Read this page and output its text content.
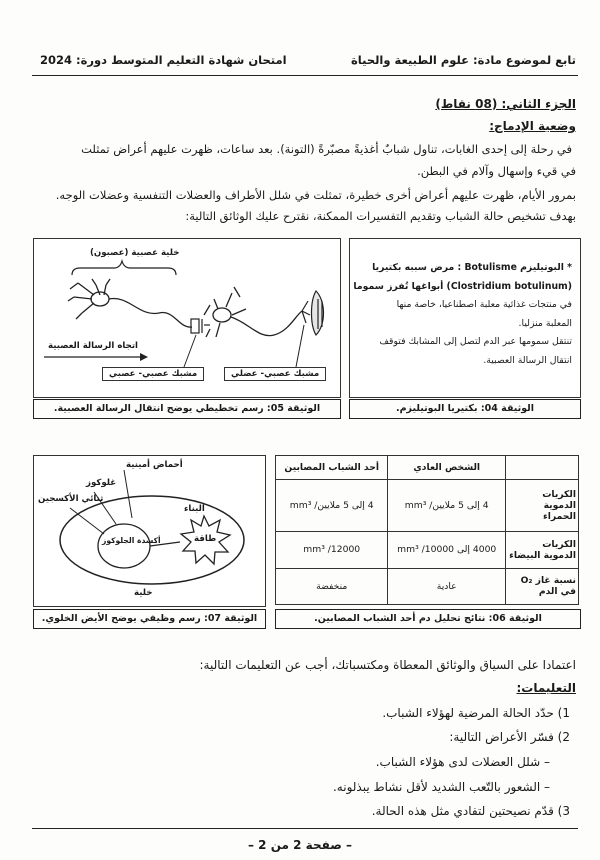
تابع لموضوع مادة: علوم الطبيعة والحياة
امتحان شهادة التعليم المتوسط دورة: 2024
الجزء الثاني: (08 نقاط)
وضعية الإدماج:
في رحلة إلى إحدى الغابات، تناول شبابٌ أغذيةً مصبّرةً (التونة). بعد ساعات، ظهرت عليهم أعراض تمثلت
في قيء وإسهال وآلام في البطن.
بمرور الأيام، ظهرت عليهم أعراض أخرى خطيرة، تمثلت في شلل الأطراف والعضلات التنفسية وعضلات الوجه.
بهدف تشخيص حالة الشباب وتقديم التفسيرات الممكنة، نقترح عليك الوثائق التالية:
* البوتيليزم Botulisme : مرض سببه بكتيريا
(Clostridium botulinum) أبواغها تُفرز سموما
في منتجات غذائية معلبة اصطناعيا، خاصة منها
المعلبة منزليا.
تنتقل سمومها عبر الدم لتصل إلى المشابك فتوقف
انتقال الرسالة العصبية.
الوثيقة 04: بكتيريا البوتيليزم.
خلية عصبية (عصبون)
اتجاه الرسالة العصبية
مشبك عصبي- عصبي	مشبك عصبي- عضلي
الوثيقة 05: رسم تخطيطي يوضح انتقال الرسالة العصبية.
	الشخص العادي	أحد الشباب المصابين
الكريات الدموية الحمراء	4 إلى 5 ملايين/ mm³	4 إلى 5 ملايين/ mm³
الكريات الدموية البيضاء	4000 إلى 10000/ mm³	12000/ mm³
نسبة غاز O₂ في الدم	عادية	منخفضة
الوثيقة 06: نتائج تحليل دم أحد الشباب المصابين.
أحماض أمينية
غلوكوز
ثنائي الأكسجين
البناء
أكسدة الجلوكوز	طاقة
خلية
الوثيقة 07: رسم وظيفي يوضح الأيض الخلوي.
اعتمادا على السياق والوثائق المعطاة ومكتسباتك، أجب عن التعليمات التالية:
التعليمات:
1) حدّد الحالة المرضية لهؤلاء الشباب.
2) فسّر الأعراض التالية:
– شلل العضلات لدى هؤلاء الشباب.
– الشعور بالتّعب الشديد لأقل نشاط يبذلونه.
3) قدّم نصيحتين لتفادي مثل هذه الحالة.
– صفحة 2 من 2 –
